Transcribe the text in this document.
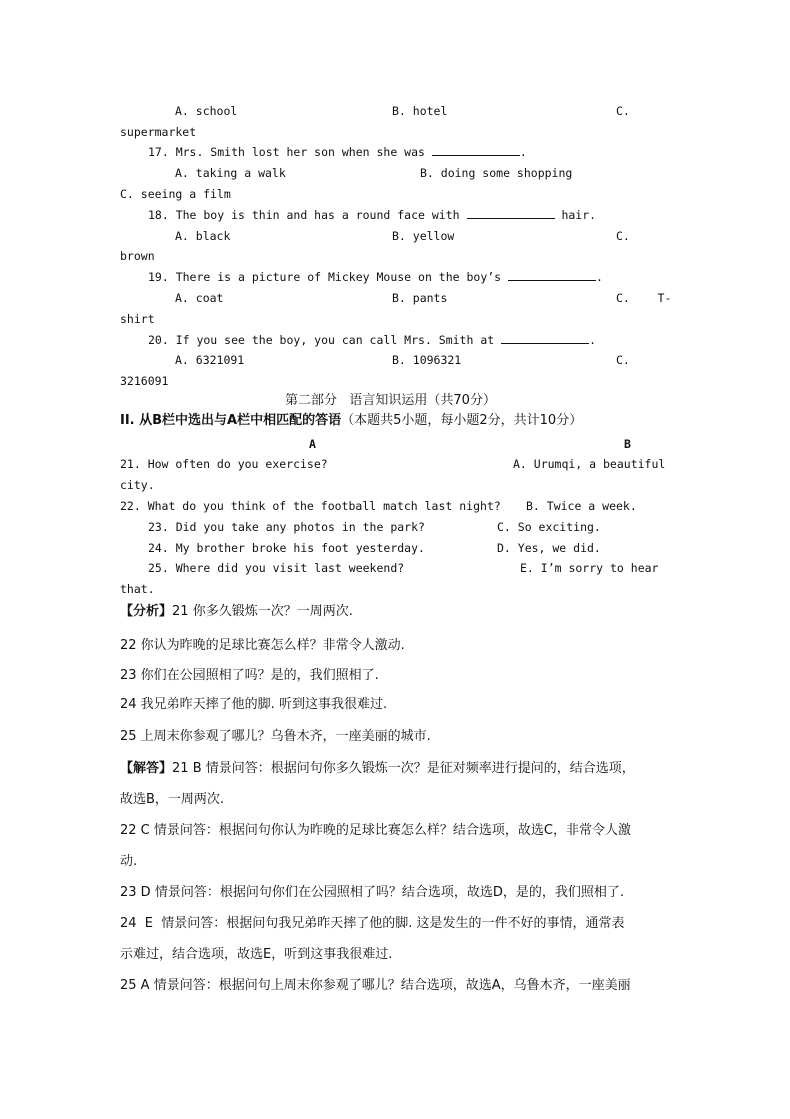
A. school	B. hotel	C.
supermarket
17. Mrs. Smith lost her son when she was	.
A. taking a walk	B. doing some shopping
C. seeing a film
18. The boy is thin and has a round face with	hair.
A. black	B. yellow	C.
brown
19. There is a picture of Mickey Mouse on the boy’s	.
A. coat	B. pants	C.    T-
shirt
20. If you see the boy, you can call Mrs. Smith at	.
A. 6321091	B. 1096321	C.
3216091
第二部分   语言知识运用（共70分）
II. 从B栏中选出与A栏中相匹配的答语（本题共5小题，每小题2分，共计10分）
A	B
21. How often do you exercise?	A. Urumqi, a beautiful
city.
22. What do you think of the football match last night? B. Twice a week.
23. Did you take any photos in the park?	C. So exciting.
24. My brother broke his foot yesterday.	D. Yes, we did.
25. Where did you visit last weekend?	E. I’m sorry to hear
that.
【分析】21 你多久锻炼一次？一周两次.
22 你认为昨晚的足球比赛怎么样？非常令人激动.
23 你们在公园照相了吗？是的，我们照相了.
24 我兄弟昨天摔了他的脚. 听到这事我很难过.
25 上周末你参观了哪儿？乌鲁木齐，一座美丽的城市.
【解答】21 B 情景问答：根据问句你多久锻炼一次？是征对频率进行提问的，结合选项，
故选B，一周两次.
22 C 情景问答：根据问句你认为昨晚的足球比赛怎么样？结合选项，故选C，非常令人激
动.
23 D 情景问答：根据问句你们在公园照相了吗？结合选项，故选D，是的，我们照相了.
24  E  情景问答：根据问句我兄弟昨天摔了他的脚. 这是发生的一件不好的事情，通常表
示难过，结合选项，故选E，听到这事我很难过.
25 A 情景问答：根据问句上周末你参观了哪儿？结合选项，故选A，乌鲁木齐，一座美丽
